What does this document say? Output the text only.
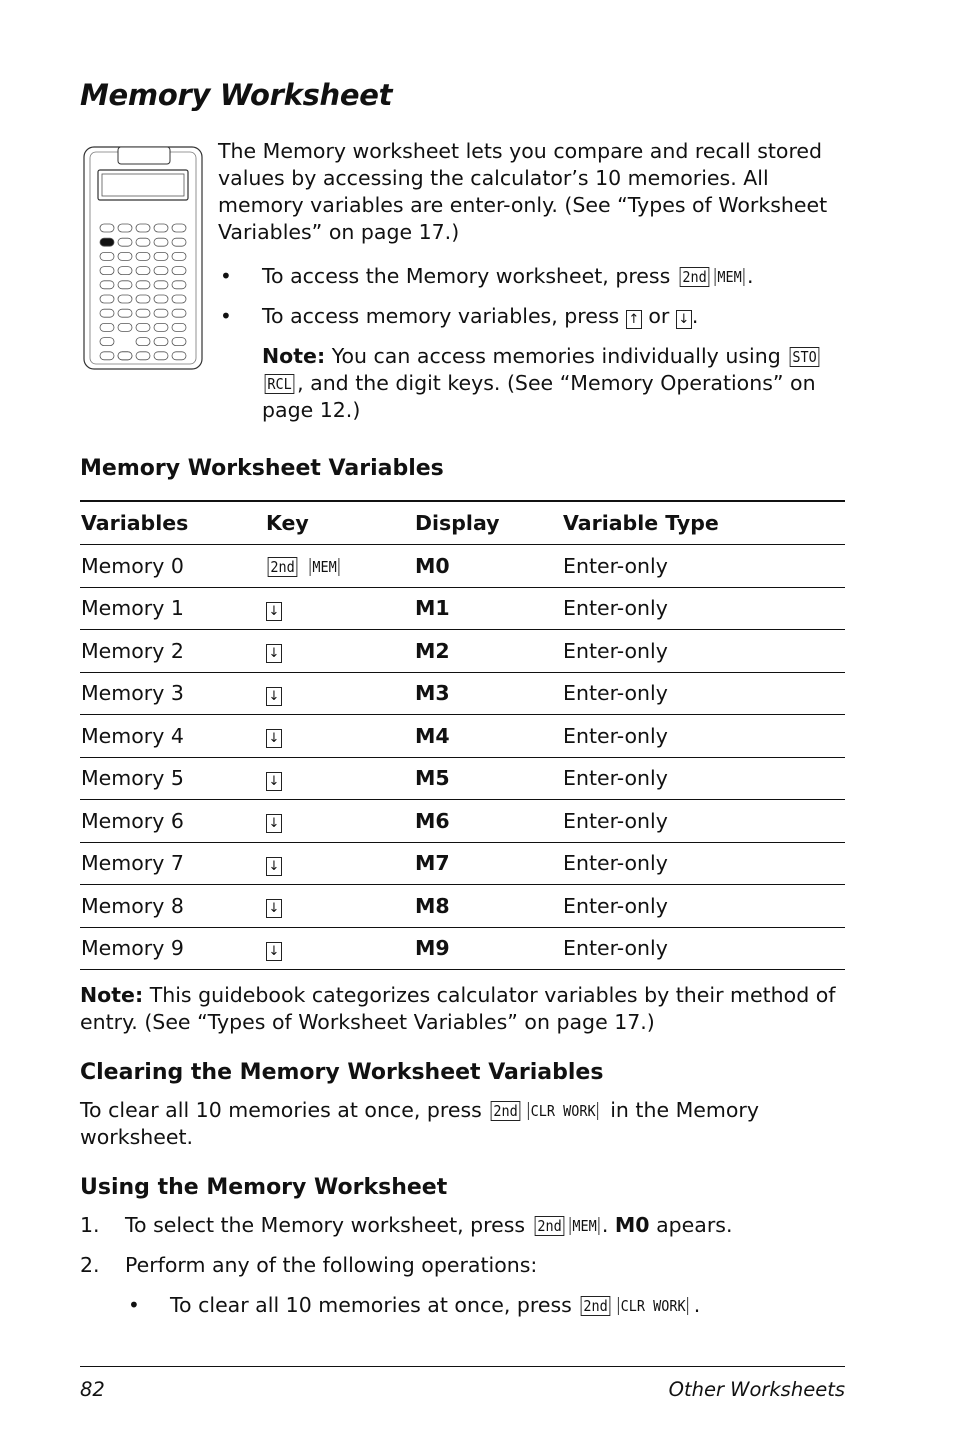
Memory Worksheet
The Memory worksheet lets you compare and recall stored values by accessing the calculator’s 10 memories. All memory variables are enter-only. (See “Types of Worksheet Variables” on page 17.)
• To access the Memory worksheet, press 2nd MEM .
• To access memory variables, press ↑ or ↓ .
Note: You can access memories individually using STO
RCL , and the digit keys. (See “Memory Operations” on page 12.)
Memory Worksheet Variables
Variables	Key	Display	Variable Type
Memory 0	2nd MEM	M0	Enter-only
Memory 1	↓	M1	Enter-only
Memory 2	↓	M2	Enter-only
Memory 3	↓	M3	Enter-only
Memory 4	↓	M4	Enter-only
Memory 5	↓	M5	Enter-only
Memory 6	↓	M6	Enter-only
Memory 7	↓	M7	Enter-only
Memory 8	↓	M8	Enter-only
Memory 9	↓	M9	Enter-only
Note: This guidebook categorizes calculator variables by their method of entry. (See “Types of Worksheet Variables” on page 17.)
Clearing the Memory Worksheet Variables
To clear all 10 memories at once, press 2nd CLR WORK in the Memory worksheet.
Using the Memory Worksheet
1. To select the Memory worksheet, press 2nd MEM . M0 apears.
2. Perform any of the following operations:
• To clear all 10 memories at once, press 2nd CLR WORK .
82	Other Worksheets
